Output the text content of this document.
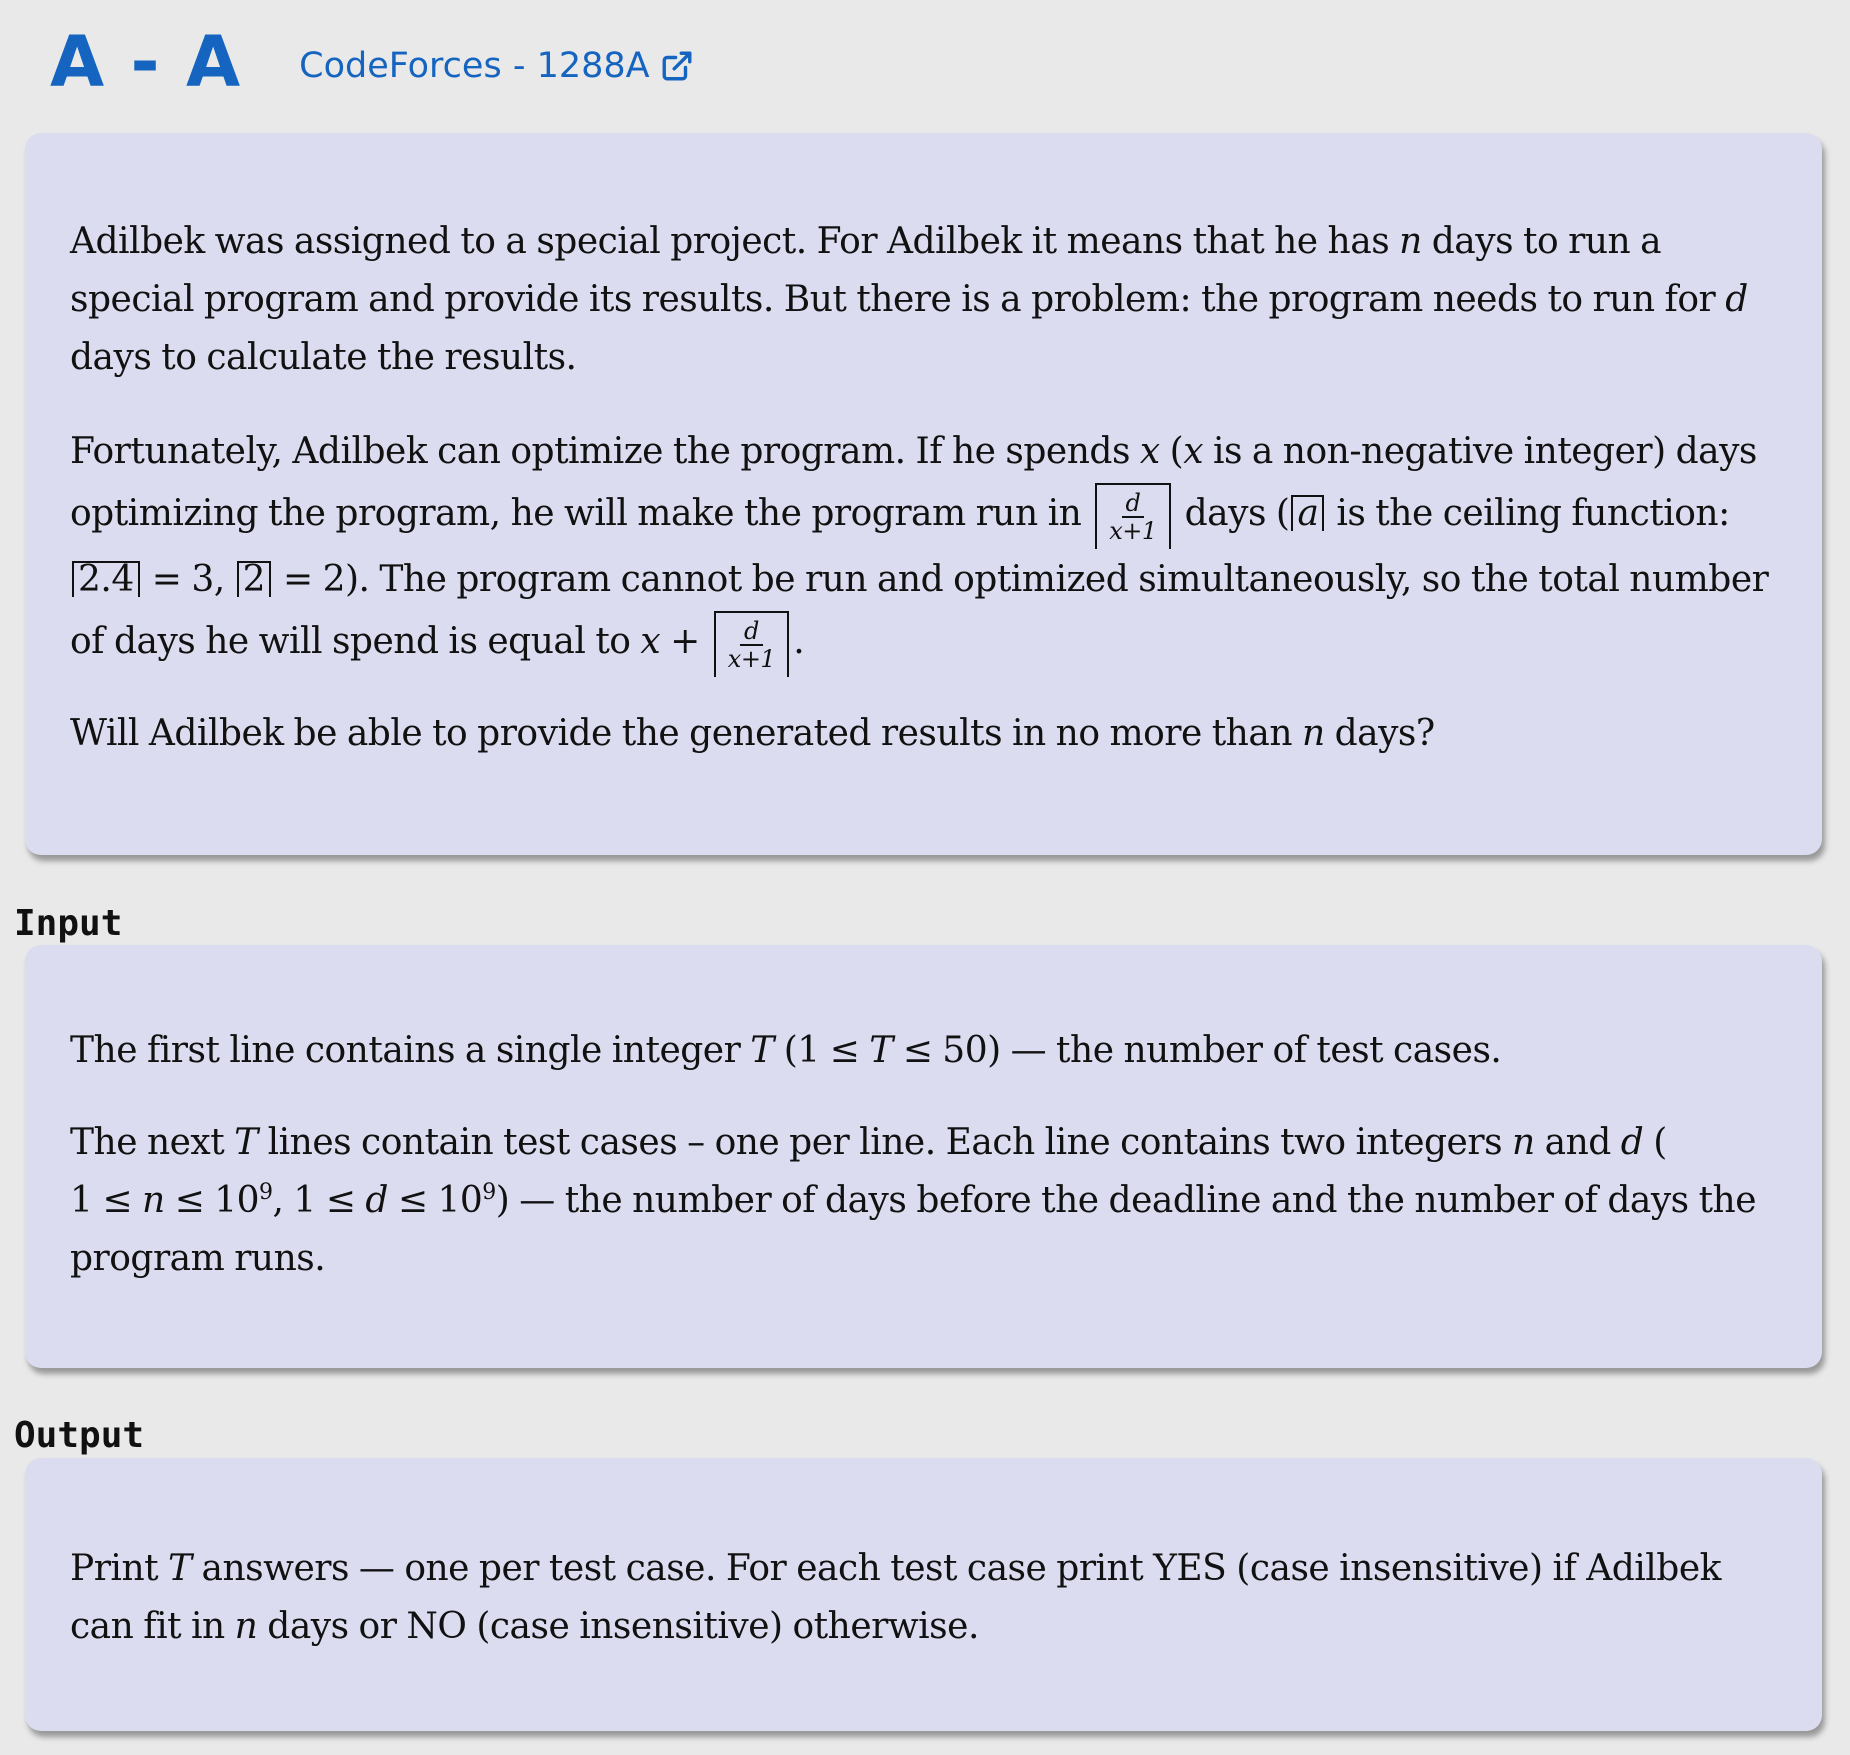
A - A CodeForces - 1288A

Adilbek was assigned to a special project. For Adilbek it means that he has n days to run a special program and provide its results. But there is a problem: the program needs to run for d days to calculate the results.

Fortunately, Adilbek can optimize the program. If he spends x (x is a non-negative integer) days optimizing the program, he will make the program run in $\frac{d}{x+1}$ days ( a is the ceiling function:
2.4 = 3, 2 = 2). The program cannot be run and optimized simultaneously, so the total number of days he will spend is equal to $x + \frac{d}{x+1}$ .

Will Adilbek be able to provide the generated results in no more than n days?

Input

The first line contains a single integer T (1 ≤ T ≤ 50) — the number of test cases.

The next T lines contain test cases – one per line. Each line contains two integers n and d (
$1 \le n \le 10^9$, $1 \le d \le 10^9$) — the number of days before the deadline and the number of days the program runs.

Output

Print T answers — one per test case. For each test case print YES (case insensitive) if Adilbek can fit in n days or NO (case insensitive) otherwise.
